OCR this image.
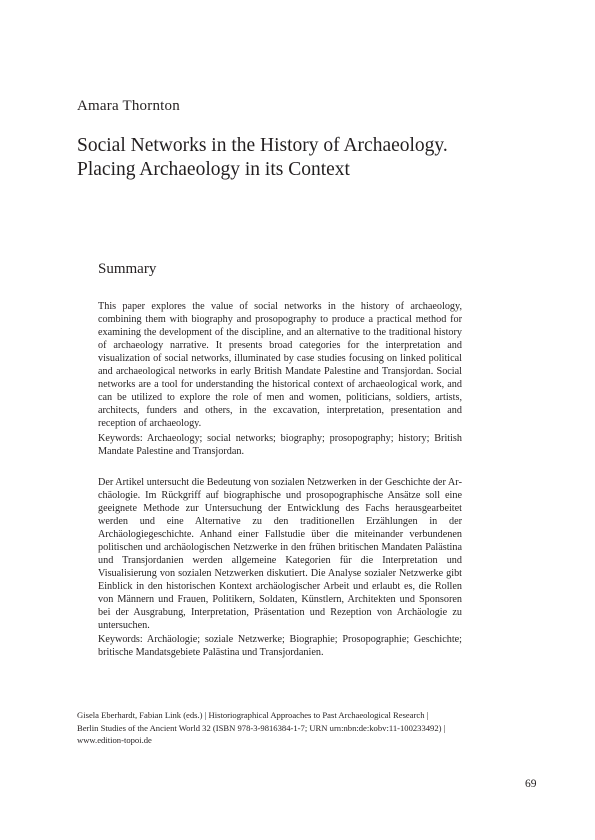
Amara Thornton
Social Networks in the History of Archaeology.
Placing Archaeology in its Context
Summary

This paper explores the value of social networks in the history of archaeology, combining them with biography and prosopography to produce a practical method for examining the development of the discipline, and an alternative to the traditional history of archaeology narrative. It presents broad categories for the interpretation and visualization of social networks, illuminated by case studies focusing on linked political and archaeological networks in early British Mandate Palestine and Transjordan. Social networks are a tool for understanding the historical context of archaeological work, and can be utilized to explore the role of men and women, politicians, soldiers, artists, architects, funders and others, in the excavation, interpretation, presentation and reception of archaeology.

Keywords: Archaeology; social networks; biography; prosopography; history; British Mandate Palestine and Transjordan.

Der Artikel untersucht die Bedeutung von sozialen Netzwerken in der Geschichte der Archäologie. Im Rückgriff auf biographische und prosopographische Ansätze soll eine geeignete Methode zur Untersuchung der Entwicklung des Fachs herausgearbeitet werden und eine Alternative zu den traditionellen Erzählungen in der Archäologiegeschichte. Anhand einer Fallstudie über die miteinander verbundenen politischen und archäologischen Netzwerke in den frühen britischen Mandaten Palästina und Transjordanien werden allgemeine Kategorien für die Interpretation und Visualisierung von sozialen Netzwerken diskutiert. Die Analyse sozialer Netzwerke gibt Einblick in den historischen Kontext archäologischer Arbeit und erlaubt es, die Rollen von Männern und Frauen, Politikern, Soldaten, Künstlern, Architekten und Sponsoren bei der Ausgrabung, Interpretation, Präsentation und Rezeption von Archäologie zu untersuchen.

Keywords: Archäologie; soziale Netzwerke; Biographie; Prosopographie; Geschichte; britische Mandatsgebiete Palästina und Transjordanien.

Gisela Eberhardt, Fabian Link (eds.) | Historiographical Approaches to Past Archaeological Research |
Berlin Studies of the Ancient World 32 (ISBN 978-3-9816384-1-7; URN urn:nbn:de:kobv:11-100233492) |
www.edition-topoi.de
69
